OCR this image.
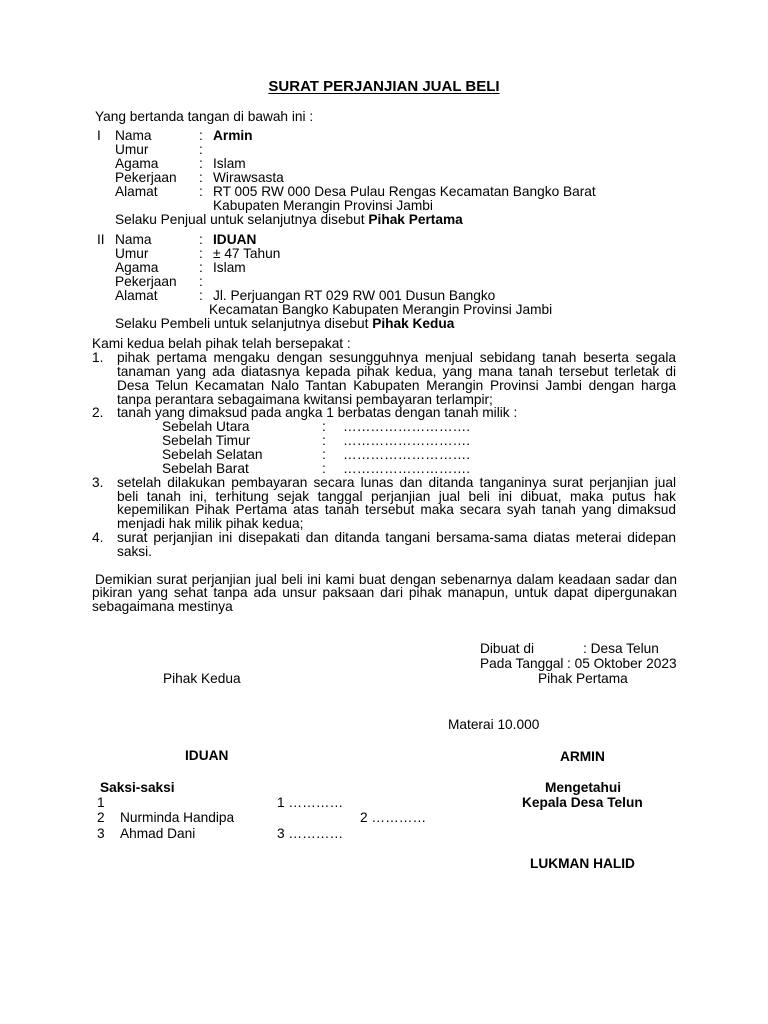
SURAT PERJANJIAN JUAL BELI
Yang bertanda tangan di bawah ini :
I Nama	: Armin
Umur	:
Agama	: Islam
Pekerjaan : Wirawsasta
Alamat	: RT 005 RW 000 Desa Pulau Rengas Kecamatan Bangko Barat
Kabupaten Merangin Provinsi Jambi
Selaku Penjual untuk selanjutnya disebut Pihak Pertama
II Nama	: IDUAN
Umur	: ± 47 Tahun
Agama	: Islam
Pekerjaan :
Alamat	: Jl. Perjuangan RT 029 RW 001 Dusun Bangko
Kecamatan Bangko Kabupaten Merangin Provinsi Jambi
Selaku Pembeli untuk selanjutnya disebut Pihak Kedua
Kami kedua belah pihak telah bersepakat :
1. pihak pertama mengaku dengan sesungguhnya menjual sebidang tanah beserta segala
tanaman yang ada diatasnya kepada pihak kedua, yang mana tanah tersebut terletak di
Desa Telun Kecamatan Nalo Tantan Kabupaten Merangin Provinsi Jambi dengan harga
tanpa perantara sebagaimana kwitansi pembayaran terlampir;
2. tanah yang dimaksud pada angka 1 berbatas dengan tanah milik :
Sebelah Utara	: ……………………….
Sebelah Timur	: ……………………….
Sebelah Selatan	: ……………………….
Sebelah Barat	: ……………………….
3. setelah dilakukan pembayaran secara lunas dan ditanda tanganinya surat perjanjian jual
beli tanah ini, terhitung sejak tanggal perjanjian jual beli ini dibuat, maka putus hak
kepemilikan Pihak Pertama atas tanah tersebut maka secara syah tanah yang dimaksud
menjadi hak milik pihak kedua;
4. surat perjanjian ini disepakati dan ditanda tangani bersama-sama diatas meterai didepan
saksi.
Demikian surat perjanjian jual beli ini kami buat dengan sebenarnya dalam keadaan sadar dan
pikiran yang sehat tanpa ada unsur paksaan dari pihak manapun, untuk dapat dipergunakan
sebagaimana mestinya
Dibuat di	: Desa Telun
Pada Tanggal : 05 Oktober 2023
Pihak Kedua	Pihak Pertama
Materai 10.000
IDUAN	ARMIN
Saksi-saksi
1	1 …………
2 Nurminda Handipa	2 …………
3 Ahmad Dani	3 …………
Mengetahui
Kepala Desa Telun
LUKMAN HALID
